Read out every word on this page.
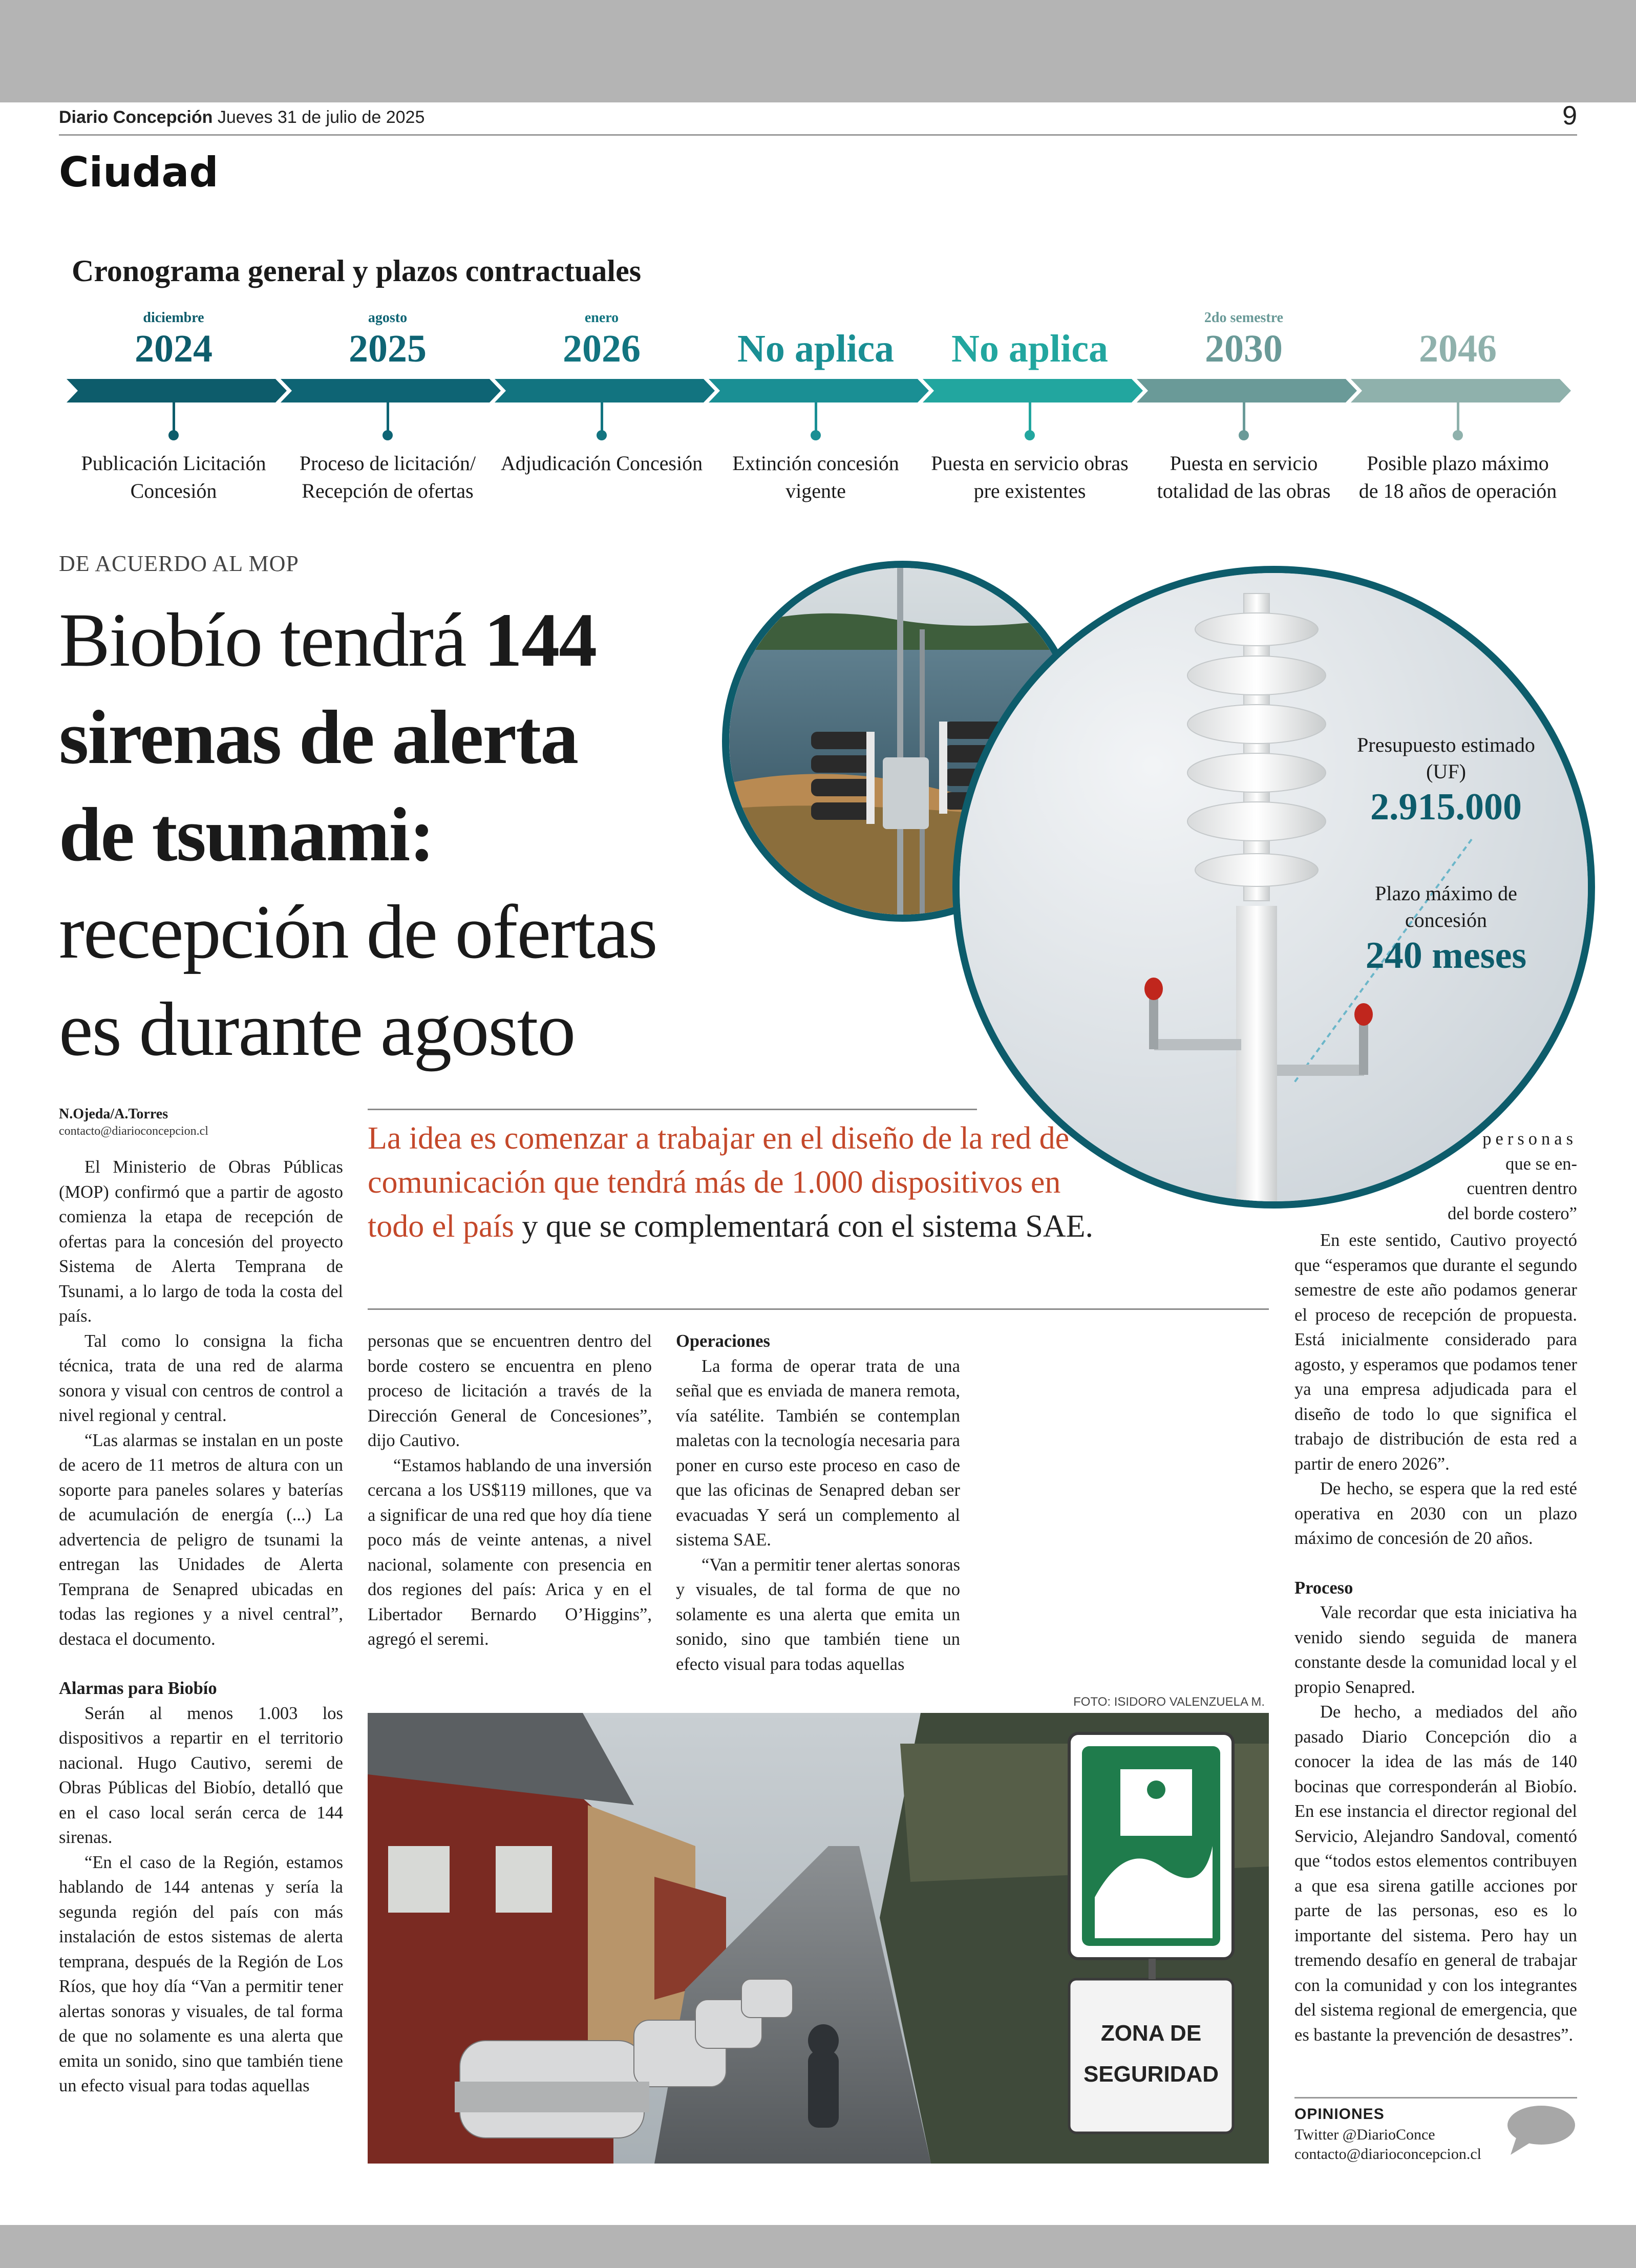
Diario Concepción Jueves 31 de julio de 2025	9
Ciudad
Cronograma general y plazos contractuales
diciembre
2024
Publicación Licitación Concesión
agosto
2025
Proceso de licitación/ Recepción de ofertas
enero
2026
Adjudicación Concesión
No aplica
Extinción concesión vigente
No aplica
Puesta en servicio obras pre existentes
2do semestre
2030
Puesta en servicio totalidad de las obras
2046
Posible plazo máximo de 18 años de operación
DE ACUERDO AL MOP
Biobío tendrá 144
sirenas de alerta
de tsunami:
recepción de ofertas
es durante agosto
Presupuesto estimado (UF)
2.915.000
Plazo máximo de concesión
240 meses
N.Ojeda/A.Torres
contacto@diarioconcepcion.cl	La idea es comenzar a trabajar en el diseño de la red de comunicación que tendrá más de 1.000 dispositivos en todo el país y que se complementará con el sistema SAE.

El Ministerio de Obras Públicas (MOP) confirmó que a partir de agosto comienza la etapa de recepción de ofertas para la concesión del proyecto Sistema de Alerta Temprana de Tsunami, a lo largo de toda la costa del país.

Tal como lo consigna la ficha técnica, trata de una red de alarma sonora y visual con centros de control a nivel regional y central.

“Las alarmas se instalan en un poste de acero de 11 metros de altura con un soporte para paneles solares y baterías de acumulación de energía (...) La advertencia de peligro de tsunami la entregan las Unidades de Alerta Temprana de Senapred ubicadas en todas las regiones y a nivel central”, destaca el documento.

Alarmas para Biobío

Serán al menos 1.003 los dispositivos a repartir en el territorio nacional. Hugo Cautivo, seremi de Obras Públicas del Biobío, detalló que en el caso local serán cerca de 144 sirenas.

“En el caso de la Región, estamos hablando de 144 antenas y sería la segunda región del país con más instalación de estos sistemas de alerta temprana, después de la Región de Los Ríos, que hoy día “Van a permitir tener alertas sonoras y visuales, de tal forma de que no solamente es una alerta que emita un sonido, sino que también tiene un efecto visual para todas aquellas

personas que se encuentren dentro del borde costero se encuentra en pleno proceso de licitación a través de la Dirección General de Concesiones”, dijo Cautivo.

“Estamos hablando de una inversión cercana a los US$119 millones, que va a significar de una red que hoy día tiene poco más de veinte antenas, a nivel nacional, solamente con presencia en dos regiones del país: Arica y en el Libertador Bernardo O’Higgins”, agregó el seremi.

Operaciones

La forma de operar trata de una señal que es enviada de manera remota, vía satélite. También se contemplan maletas con la tecnología necesaria para poner en curso este proceso en caso de que las oficinas de Senapred deban ser evacuadas Y será un complemento al sistema SAE.

“Van a permitir tener alertas sonoras y visuales, de tal forma de que no solamente es una alerta que emita un sonido, sino que también tiene un efecto visual para todas aquellas

personas
que se en-
cuentren dentro
del borde costero”

En este sentido, Cautivo proyectó que “esperamos que durante el segundo semestre de este año podamos generar el proceso de recepción de propuesta. Está inicialmente considerado para agosto, y esperamos que podamos tener ya una empresa adjudicada para el diseño de todo lo que significa el trabajo de distribución de esta red a partir de enero 2026”.

De hecho, se espera que la red esté operativa en 2030 con un plazo máximo de concesión de 20 años.

Proceso

Vale recordar que esta iniciativa ha venido siendo seguida de manera constante desde la comunidad local y el propio Senapred.

De hecho, a mediados del año pasado Diario Concepción dio a conocer la idea de las más de 140 bocinas que corresponderán al Biobío. En ese instancia el director regional del Servicio, Alejandro Sandoval, comentó que “todos estos elementos contribuyen a que esa sirena gatille acciones por parte de las personas, eso es lo importante del sistema. Pero hay un tremendo desafío en general de trabajar con la comunidad y con los integrantes del sistema regional de emergencia, que es bastante la prevención de desastres”.

FOTO: ISIDORO VALENZUELA M.
ZONA DE
SEGURIDAD
OPINIONES
Twitter @DiarioConce
contacto@diarioconcepcion.cl
